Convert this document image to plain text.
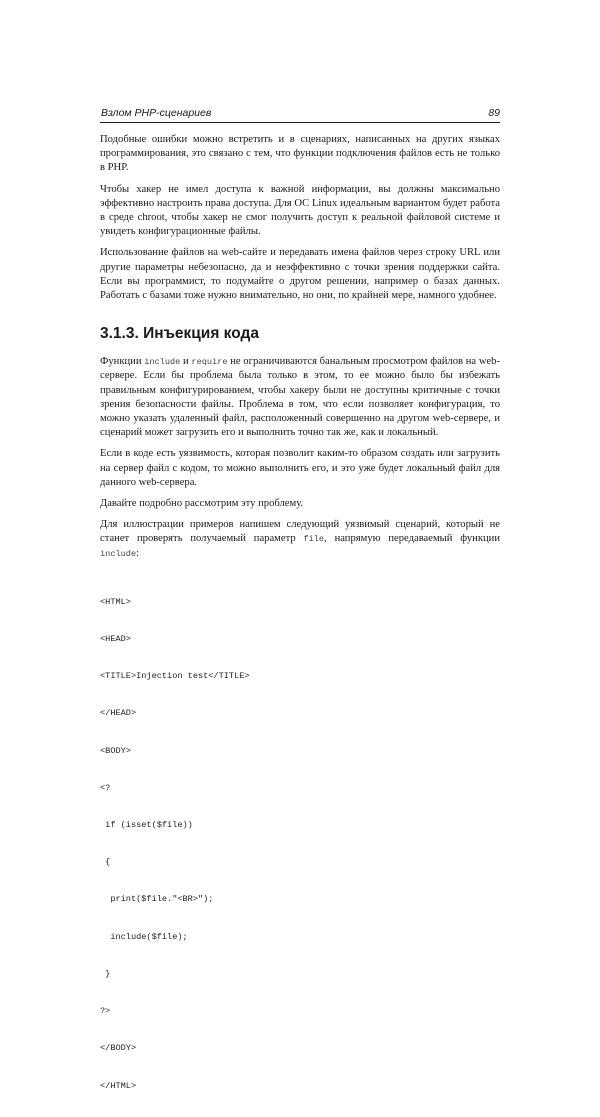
Взлом PHP-сценариев	89

Подобные ошибки можно встретить и в сценариях, написанных на других языках программирования, это связано с тем, что функции подключения файлов есть не только в PHP.

Чтобы хакер не имел доступа к важной информации, вы должны максимально эффективно настроить права доступа. Для ОС Linux идеальным вариантом будет работа в среде chroot, чтобы хакер не смог получить доступ к реальной файловой системе и увидеть конфигурационные файлы.

Использование файлов на web-сайте и передавать имена файлов через строку URL или другие параметры небезопасно, да и неэффективно с точки зрения поддержки сайта. Если вы программист, то подумайте о другом решении, например о базах данных. Работать с базами тоже нужно внимательно, но они, по крайней мере, намного удобнее.

3.1.3. Инъекция кода

Функции include и require не ограничиваются банальным просмотром файлов на web-сервере. Если бы проблема была только в этом, то ее можно было бы избежать правильным конфигурированием, чтобы хакеру были не доступны критичные с точки зрения безопасности файлы. Проблема в том, что если позволяет конфигурация, то можно указать удаленный файл, расположенный совершенно на другом web-сервере, и сценарий может загрузить его и выполнить точно так же, как и локальный.

Если в коде есть уязвимость, которая позволит каким-то образом создать или загрузить на сервер файл с кодом, то можно выполнить его, и это уже будет локальный файл для данного web-сервера.

Давайте подробно рассмотрим эту проблему.

Для иллюстрации примеров напишем следующий уязвимый сценарий, который не станет проверять получаемый параметр file, напрямую передаваемый функции include:

<HTML>

<HEAD>

<TITLE>Injection test</TITLE>

</HEAD>

<BODY>

<?

if (isset($file))

{

print($file."<BR>");

include($file);

}

?>

</BODY>

</HTML>
